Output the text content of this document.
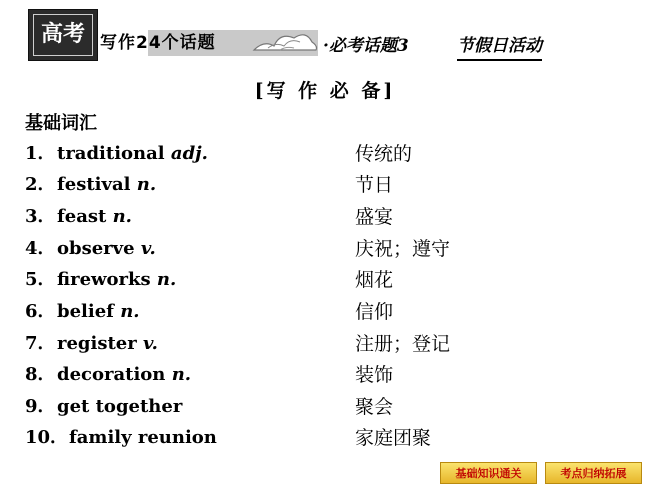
高考 写作24个话题	·必考话题3	节假日活动
[写 作 必 备]
基础词汇
1． traditional adj.	传统的
2． festival n.	节日
3． feast n.	盛宴
4． observe v.	庆祝；遵守
5． fireworks n.	烟花
6． belief n.	信仰
7． register v.	注册；登记
8． decoration n.	装饰
9． get together	聚会
10． family reunion	家庭团聚
基础知识通关	考点归纳拓展
